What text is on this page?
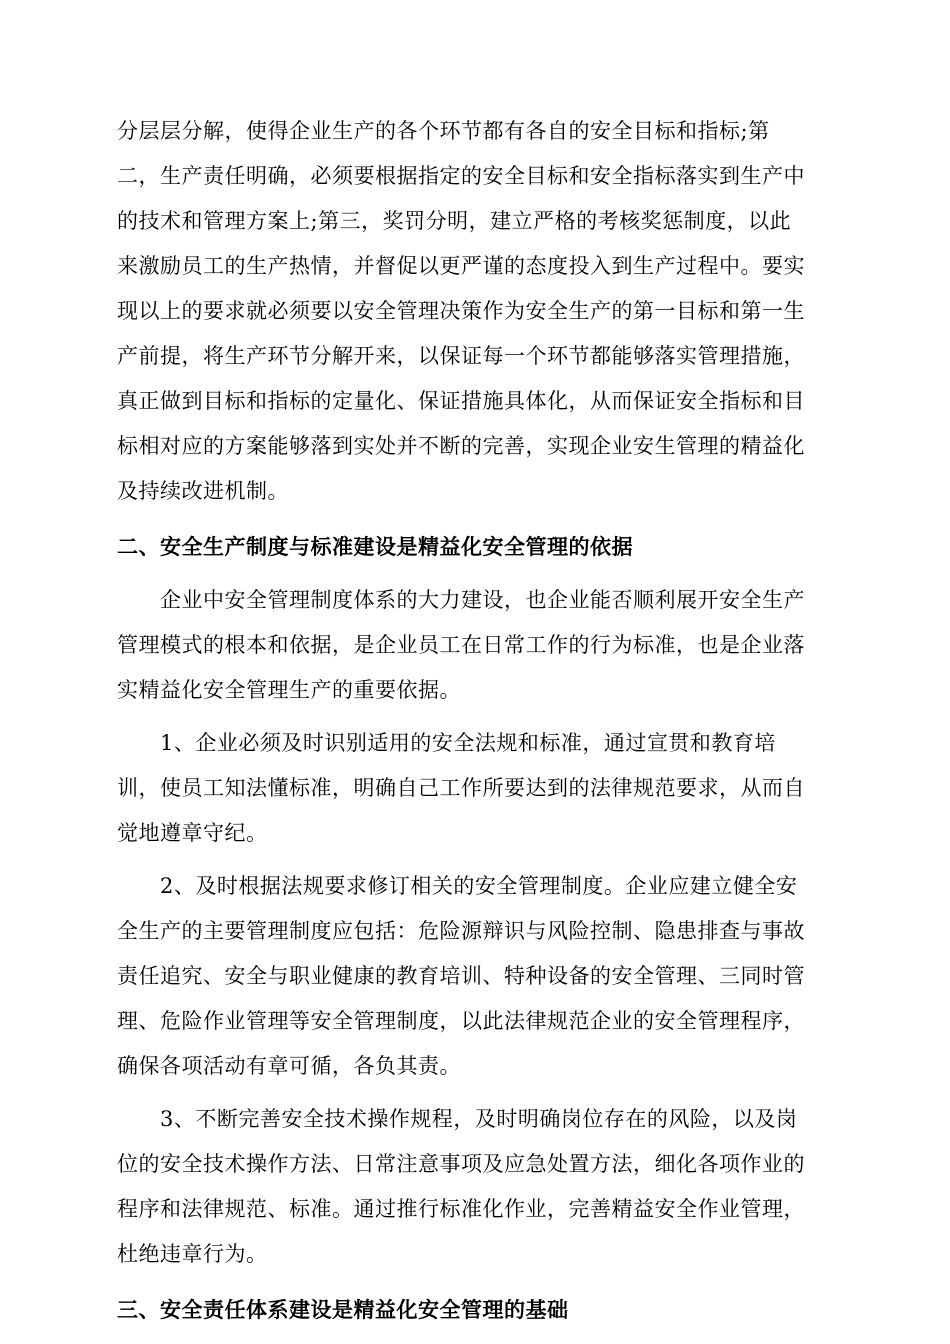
分层层分解，使得企业生产的各个环节都有各自的安全目标和指标;第
二，生产责任明确，必须要根据指定的安全目标和安全指标落实到生产中
的技术和管理方案上;第三，奖罚分明，建立严格的考核奖惩制度，以此
来激励员工的生产热情，并督促以更严谨的态度投入到生产过程中。要实
现以上的要求就必须要以安全管理决策作为安全生产的第一目标和第一生
产前提，将生产环节分解开来，以保证每一个环节都能够落实管理措施，
真正做到目标和指标的定量化、保证措施具体化，从而保证安全指标和目
标相对应的方案能够落到实处并不断的完善，实现企业安生管理的精益化
及持续改进机制。
二、安全生产制度与标准建设是精益化安全管理的依据
企业中安全管理制度体系的大力建设，也企业能否顺利展开安全生产
管理模式的根本和依据，是企业员工在日常工作的行为标准，也是企业落
实精益化安全管理生产的重要依据。
1、企业必须及时识别适用的安全法规和标准，通过宣贯和教育培
训，使员工知法懂标准，明确自己工作所要达到的法律规范要求，从而自
觉地遵章守纪。
2、及时根据法规要求修订相关的安全管理制度。企业应建立健全安
全生产的主要管理制度应包括：危险源辩识与风险控制、隐患排查与事故
责任追究、安全与职业健康的教育培训、特种设备的安全管理、三同时管
理、危险作业管理等安全管理制度，以此法律规范企业的安全管理程序，
确保各项活动有章可循，各负其责。
3、不断完善安全技术操作规程，及时明确岗位存在的风险，以及岗
位的安全技术操作方法、日常注意事项及应急处置方法，细化各项作业的
程序和法律规范、标准。通过推行标准化作业，完善精益安全作业管理，
杜绝违章行为。
三、安全责任体系建设是精益化安全管理的基础
